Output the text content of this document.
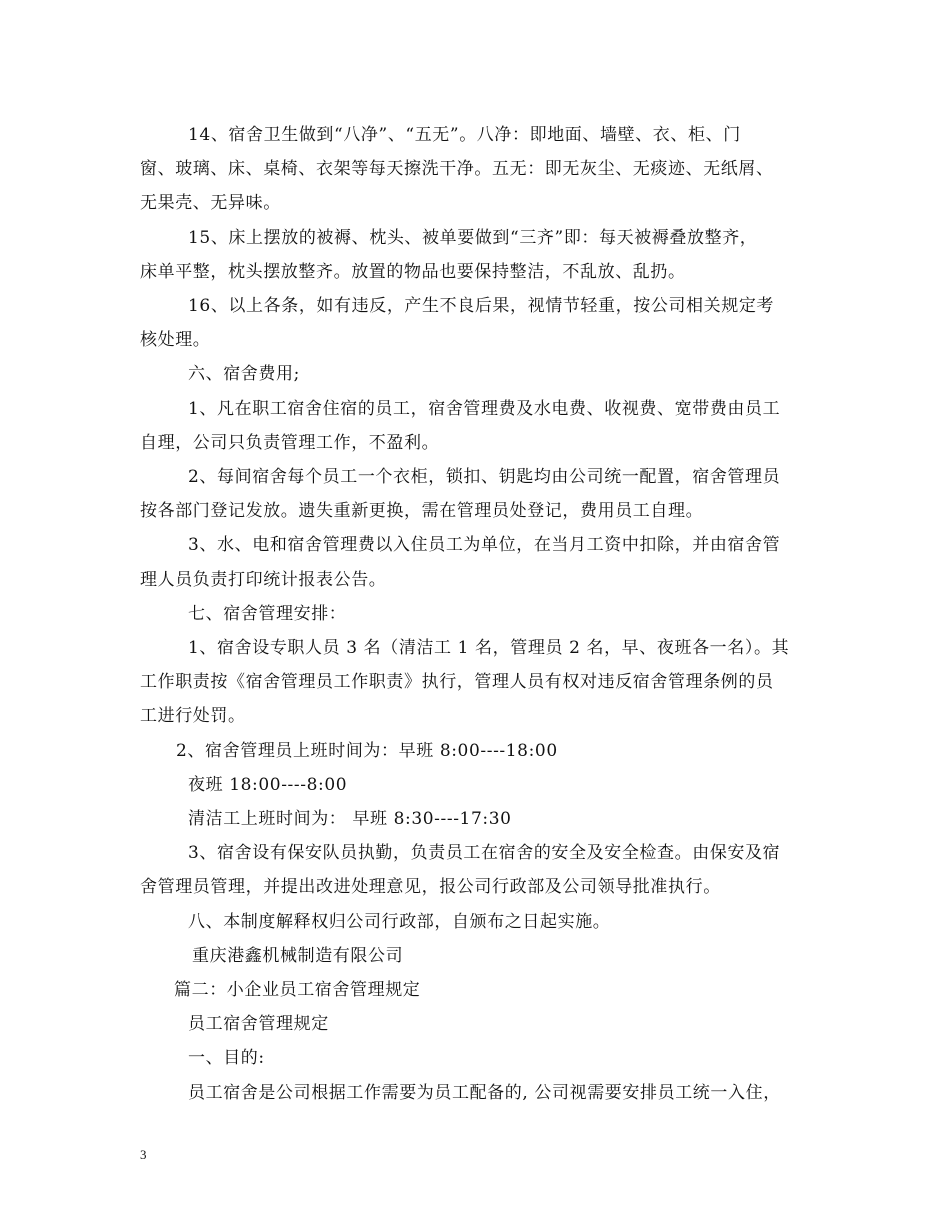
14、宿舍卫生做到“八净”、“五无”。八净：即地面、墙壁、衣、柜、门
窗、玻璃、床、桌椅、衣架等每天擦洗干净。五无：即无灰尘、无痰迹、无纸屑、
无果壳、无异味。
15、床上摆放的被褥、枕头、被单要做到“三齐”即：每天被褥叠放整齐，
床单平整，枕头摆放整齐。放置的物品也要保持整洁，不乱放、乱扔。
16、以上各条，如有违反，产生不良后果，视情节轻重，按公司相关规定考
核处理。
六、宿舍费用;
1、凡在职工宿舍住宿的员工，宿舍管理费及水电费、收视费、宽带费由员工
自理，公司只负责管理工作，不盈利。
2、每间宿舍每个员工一个衣柜，锁扣、钥匙均由公司统一配置，宿舍管理员
按各部门登记发放。遗失重新更换，需在管理员处登记，费用员工自理。
3、水、电和宿舍管理费以入住员工为单位，在当月工资中扣除，并由宿舍管
理人员负责打印统计报表公告。
七、宿舍管理安排：
1、宿舍设专职人员 3 名（清洁工 1 名，管理员 2 名，早、夜班各一名）。其
工作职责按《宿舍管理员工作职责》执行，管理人员有权对违反宿舍管理条例的员
工进行处罚。
2、宿舍管理员上班时间为：早班 8:00----18:00
夜班 18:00----8:00
清洁工上班时间为： 早班 8:30----17:30
3、宿舍设有保安队员执勤，负责员工在宿舍的安全及安全检查。由保安及宿
舍管理员管理，并提出改进处理意见，报公司行政部及公司领导批准执行。
八、本制度解释权归公司行政部，自颁布之日起实施。
重庆港鑫机械制造有限公司
篇二：小企业员工宿舍管理规定
员工宿舍管理规定
一、目的:
员工宿舍是公司根据工作需要为员工配备的, 公司视需要安排员工统一入住，
3
